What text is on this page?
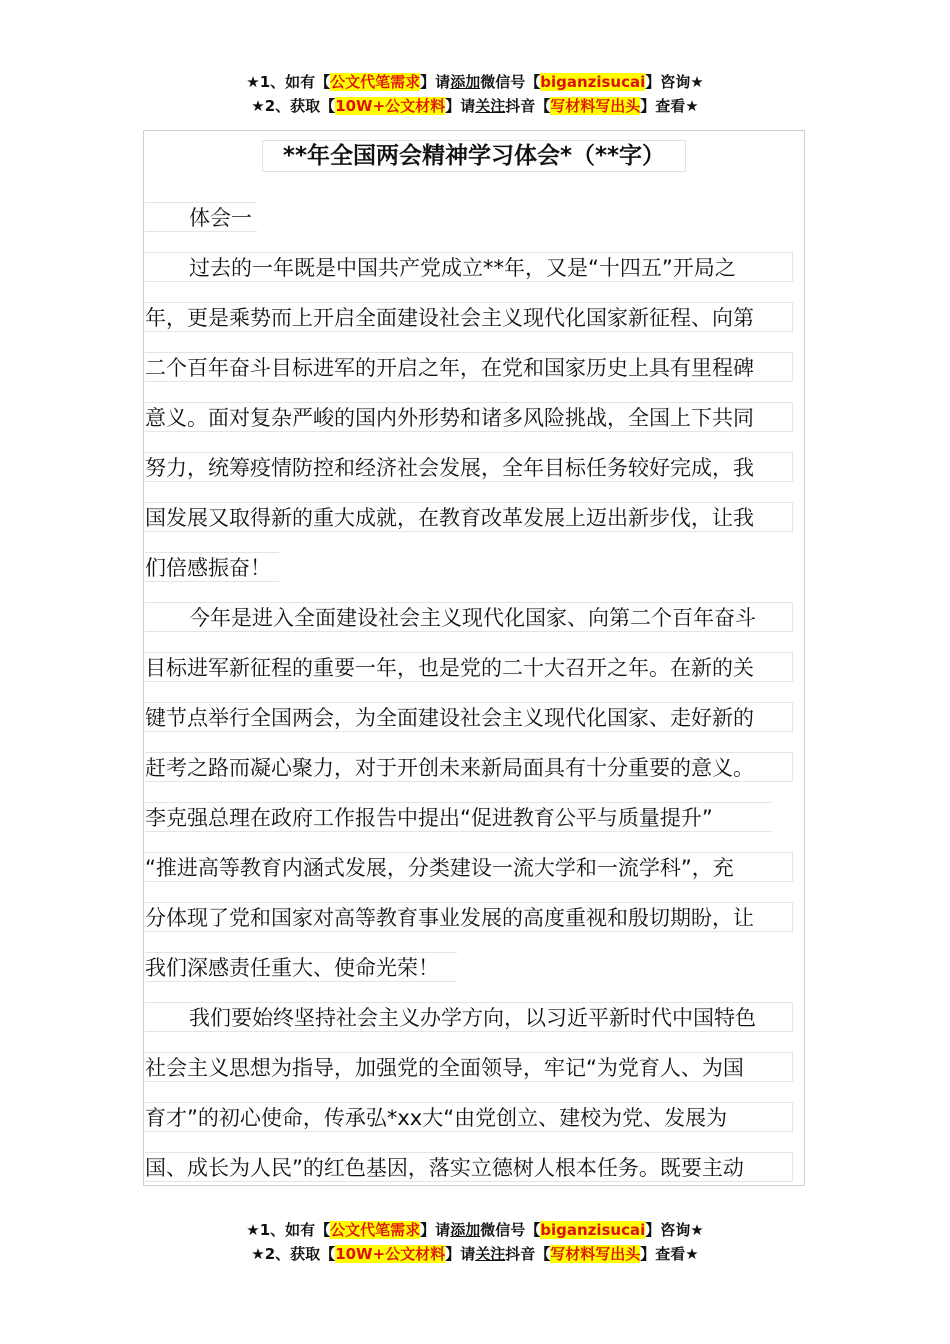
★1、如有【公文代笔需求】请添加微信号【biganzisucai】咨询★
★2、获取【10W+公文材料】请关注抖音【写材料写出头】查看★
**年全国两会精神学习体会*（**字）
体会一
过去的一年既是中国共产党成立**年，又是“十四五”开局之
年，更是乘势而上开启全面建设社会主义现代化国家新征程、向第
二个百年奋斗目标进军的开启之年，在党和国家历史上具有里程碑
意义。面对复杂严峻的国内外形势和诸多风险挑战，全国上下共同
努力，统筹疫情防控和经济社会发展，全年目标任务较好完成，我
国发展又取得新的重大成就，在教育改革发展上迈出新步伐，让我
们倍感振奋！
今年是进入全面建设社会主义现代化国家、向第二个百年奋斗
目标进军新征程的重要一年，也是党的二十大召开之年。在新的关
键节点举行全国两会，为全面建设社会主义现代化国家、走好新的
赶考之路而凝心聚力，对于开创未来新局面具有十分重要的意义。
李克强总理在政府工作报告中提出“促进教育公平与质量提升”
“推进高等教育内涵式发展，分类建设一流大学和一流学科”，充
分体现了党和国家对高等教育事业发展的高度重视和殷切期盼，让
我们深感责任重大、使命光荣！
我们要始终坚持社会主义办学方向，以习近平新时代中国特色
社会主义思想为指导，加强党的全面领导，牢记“为党育人、为国
育才”的初心使命，传承弘*xx大“由党创立、建校为党、发展为
国、成长为人民”的红色基因，落实立德树人根本任务。既要主动
★1、如有【公文代笔需求】请添加微信号【biganzisucai】咨询★
★2、获取【10W+公文材料】请关注抖音【写材料写出头】查看★
